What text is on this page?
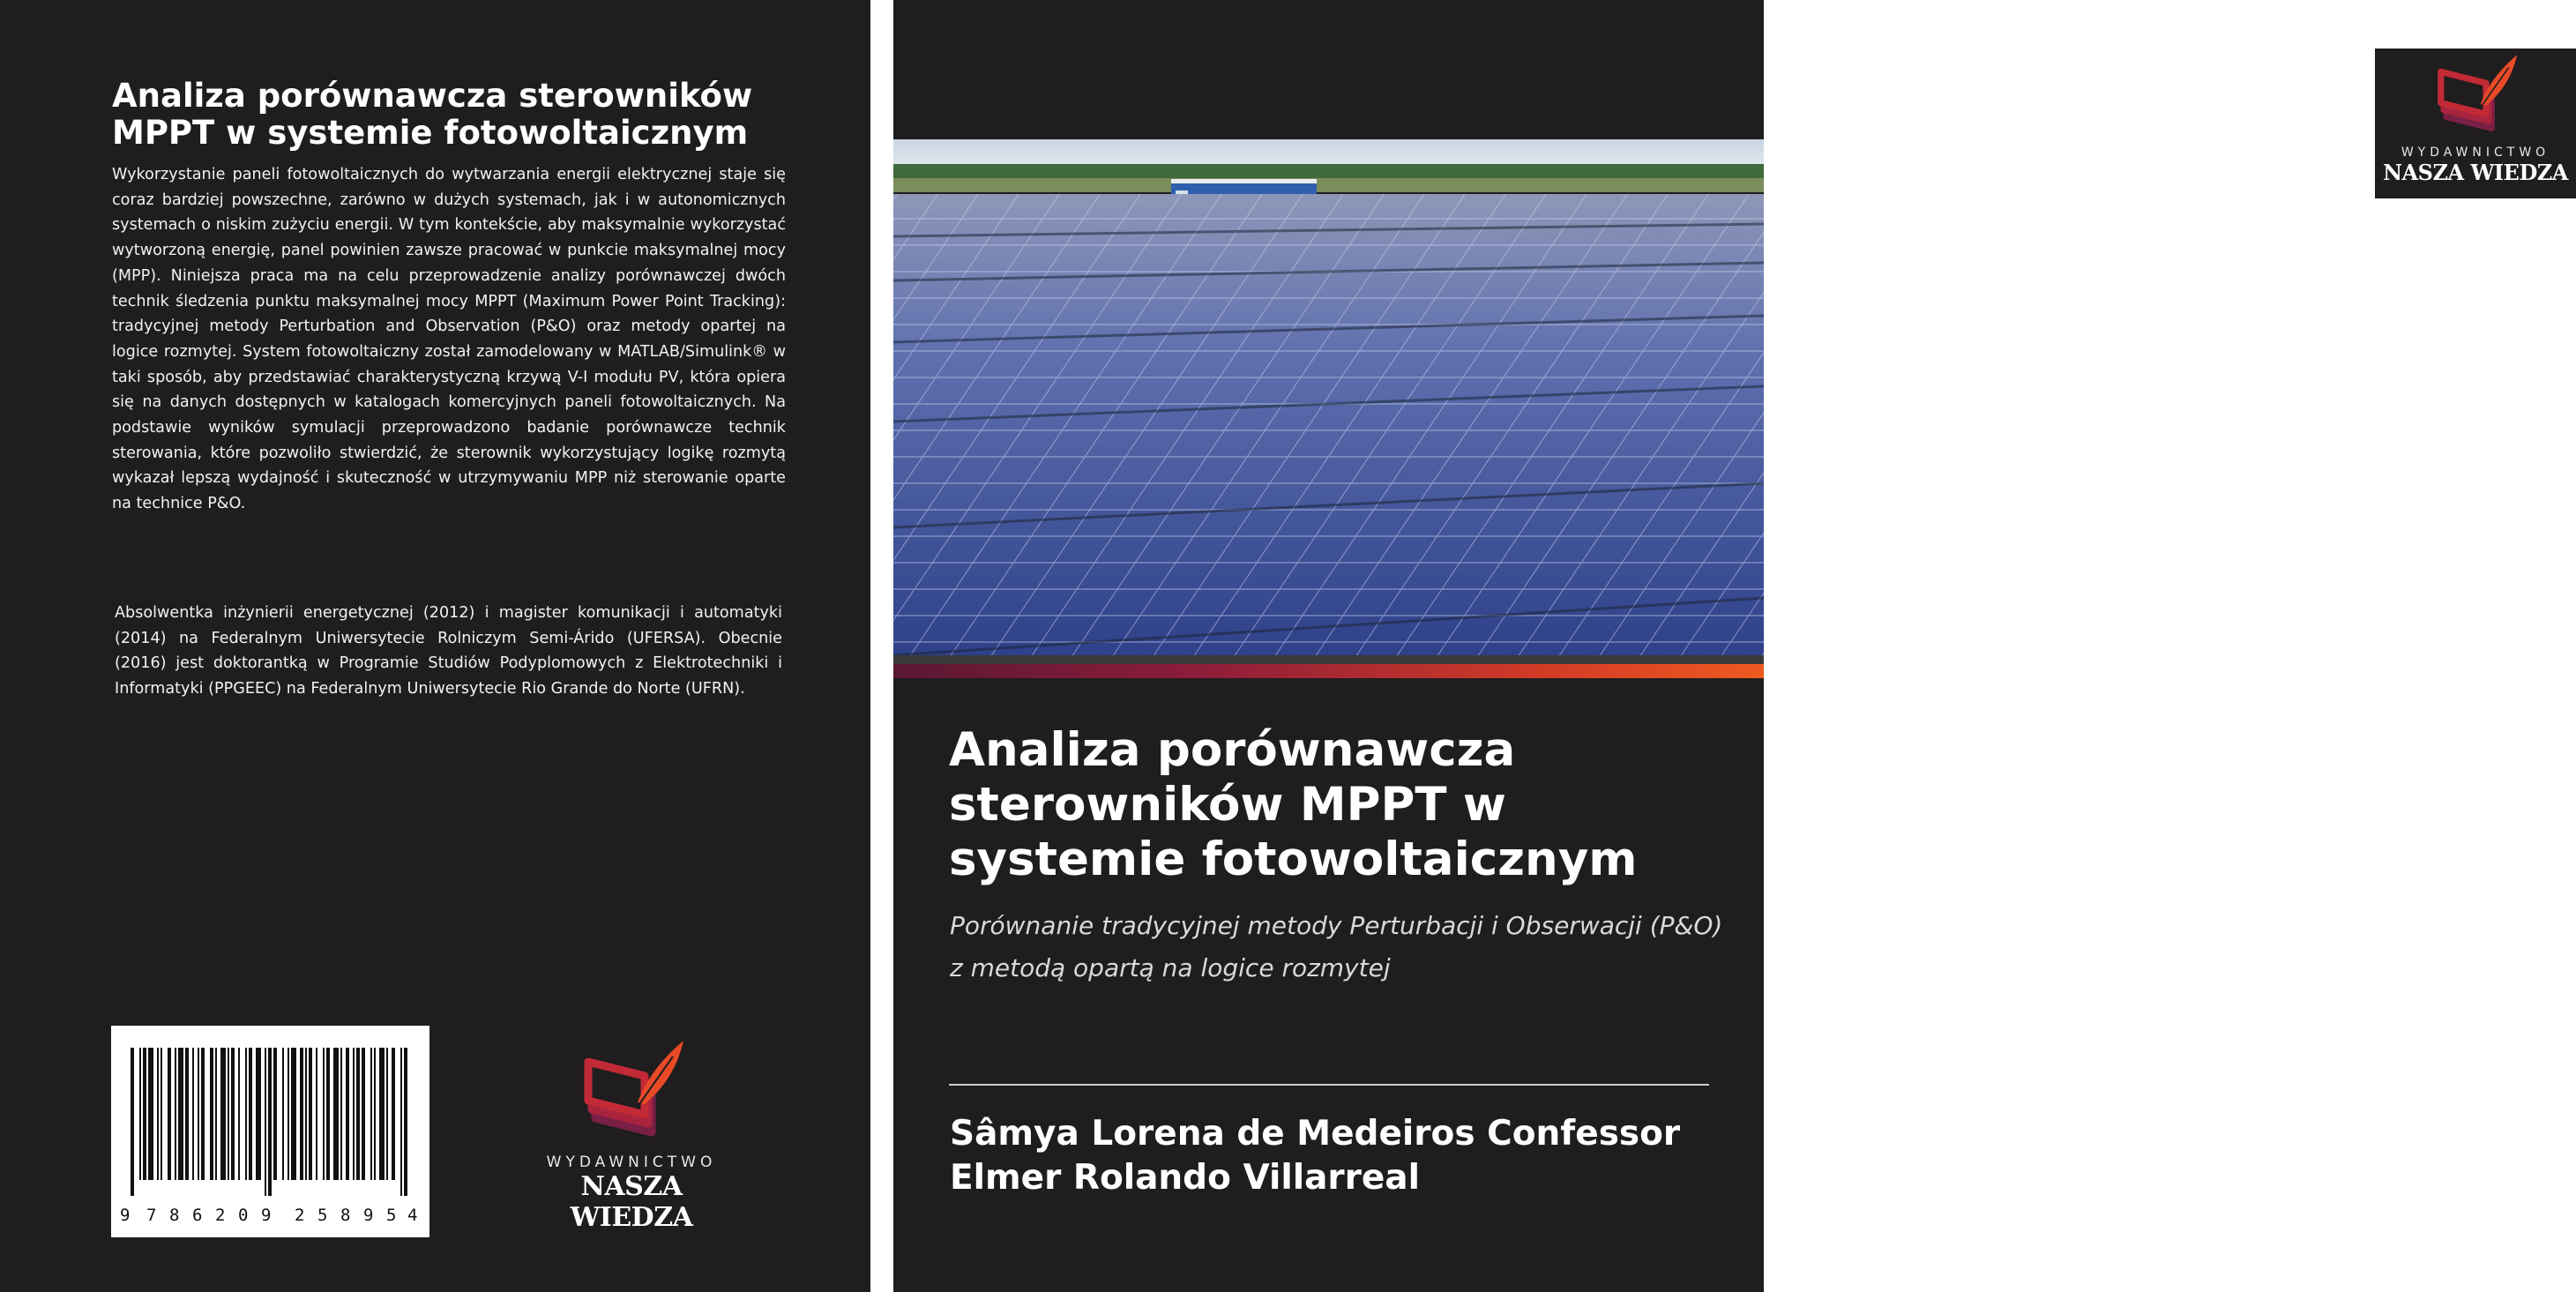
Analiza porównawcza sterowników MPPT w systemie fotowoltaicznym

Wykorzystanie paneli fotowoltaicznych do wytwarzania energii elektrycznej staje się coraz bardziej powszechne, zarówno w dużych systemach, jak i w autonomicznych systemach o niskim zużyciu energii. W tym kontekście, aby maksymalnie wykorzystać wytworzoną energię, panel powinien zawsze pracować w punkcie maksymalnej mocy (MPP). Niniejsza praca ma na celu przeprowadzenie analizy porównawczej dwóch technik śledzenia punktu maksymalnej mocy MPPT (Maximum Power Point Tracking): tradycyjnej metody Perturbation and Observation (P&O) oraz metody opartej na logice rozmytej. System fotowoltaiczny został zamodelowany w MATLAB/Simulink® w taki sposób, aby przedstawiać charakterystyczną krzywą V-I modułu PV, która opiera się na danych dostępnych w katalogach komercyjnych paneli fotowoltaicznych. Na podstawie wyników symulacji przeprowadzono badanie porównawcze technik sterowania, które pozwoliło stwierdzić, że sterownik wykorzystujący logikę rozmytą wykazał lepszą wydajność i skuteczność w utrzymywaniu MPP niż sterowanie oparte na technice P&O.

Absolwentka inżynierii energetycznej (2012) i magister komunikacji i automatyki (2014) na Federalnym Uniwersytecie Rolniczym Semi-Árido (UFERSA). Obecnie (2016) jest doktorantką w Programie Studiów Podyplomowych z Elektrotechniki i Informatyki (PPGEEC) na Federalnym Uniwersytecie Rio Grande do Norte (UFRN).

9 7 8 6 2 0 9 2 5 8 9 5 4
WYDAWNICTWO
NASZA WIEDZA
WYDAWNICTWO
NASZA WIEDZA
Analiza porównawcza sterowników MPPT w systemie fotowoltaicznym

Porównanie tradycyjnej metody Perturbacji i Obserwacji (P&O) z metodą opartą na logice rozmytej

Sâmya Lorena de Medeiros Confessor

Elmer Rolando Villarreal
